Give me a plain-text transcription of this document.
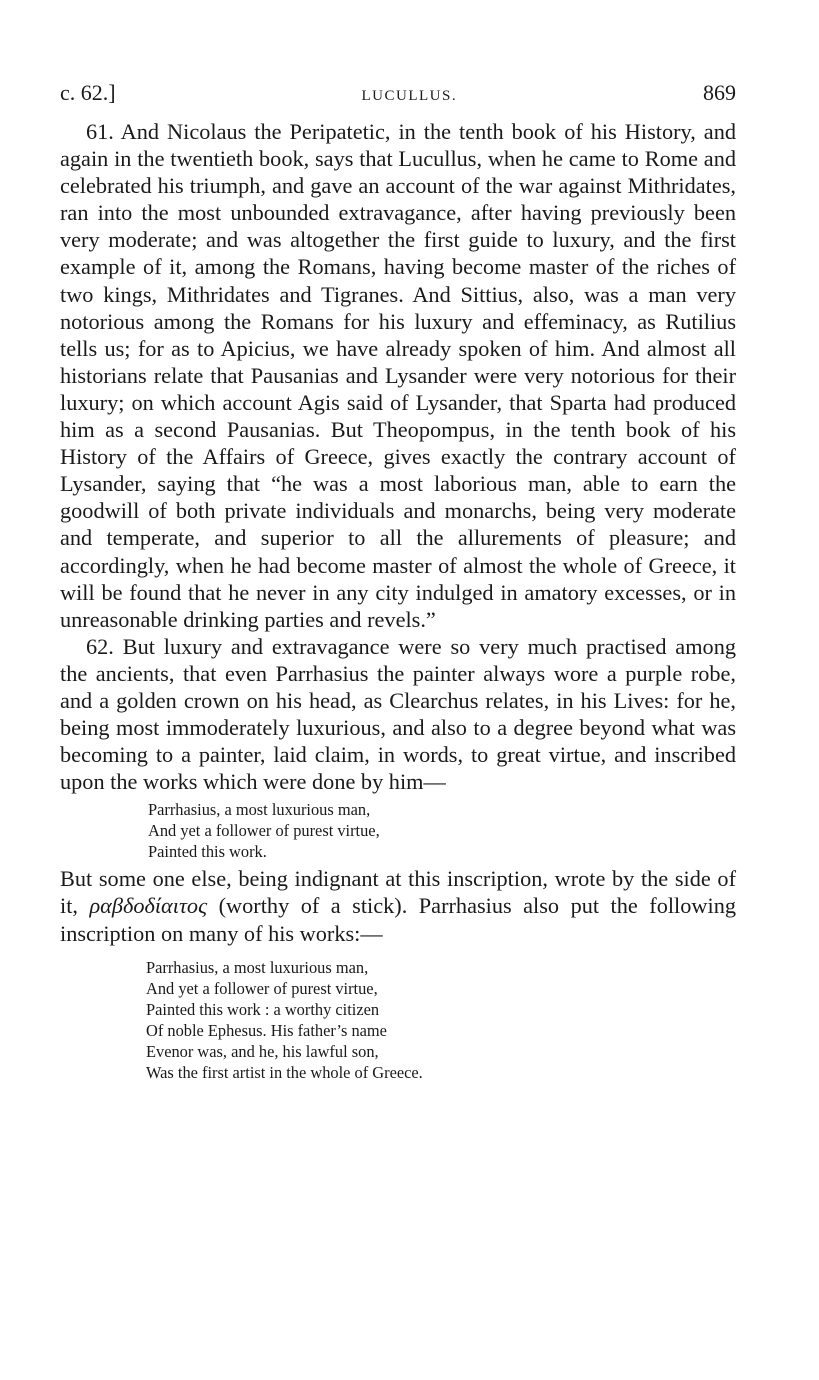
c. 62.]	LUCULLUS.	869

61. And Nicolaus the Peripatetic, in the tenth book of his History, and again in the twentieth book, says that Lucullus, when he came to Rome and celebrated his triumph, and gave an account of the war against Mithridates, ran into the most unbounded extravagance, after having previously been very moderate; and was altogether the first guide to luxury, and the first example of it, among the Romans, having become master of the riches of two kings, Mithridates and Tigranes. And Sittius, also, was a man very notorious among the Romans for his luxury and effeminacy, as Rutilius tells us; for as to Apicius, we have already spoken of him. And almost all historians relate that Pausanias and Lysander were very notorious for their luxury; on which account Agis said of Lysander, that Sparta had produced him as a second Pausanias. But Theopompus, in the tenth book of his History of the Affairs of Greece, gives exactly the contrary account of Lysander, saying that “he was a most laborious man, able to earn the goodwill of both private individuals and monarchs, being very moderate and temperate, and superior to all the allurements of pleasure; and accordingly, when he had become master of almost the whole of Greece, it will be found that he never in any city indulged in amatory excesses, or in unreasonable drinking parties and revels.”

62. But luxury and extravagance were so very much practised among the ancients, that even Parrhasius the painter always wore a purple robe, and a golden crown on his head, as Clearchus relates, in his Lives: for he, being most immoderately luxurious, and also to a degree beyond what was becoming to a painter, laid claim, in words, to great virtue, and inscribed upon the works which were done by him—

Parrhasius, a most luxurious man,
And yet a follower of purest virtue,
Painted this work.

But some one else, being indignant at this inscription, wrote by the side of it, ραβδοδίαιτος (worthy of a stick). Parrhasius also put the following inscription on many of his works:—

Parrhasius, a most luxurious man,
And yet a follower of purest virtue,
Painted this work : a worthy citizen
Of noble Ephesus. His father’s name
Evenor was, and he, his lawful son,
Was the first artist in the whole of Greece.
